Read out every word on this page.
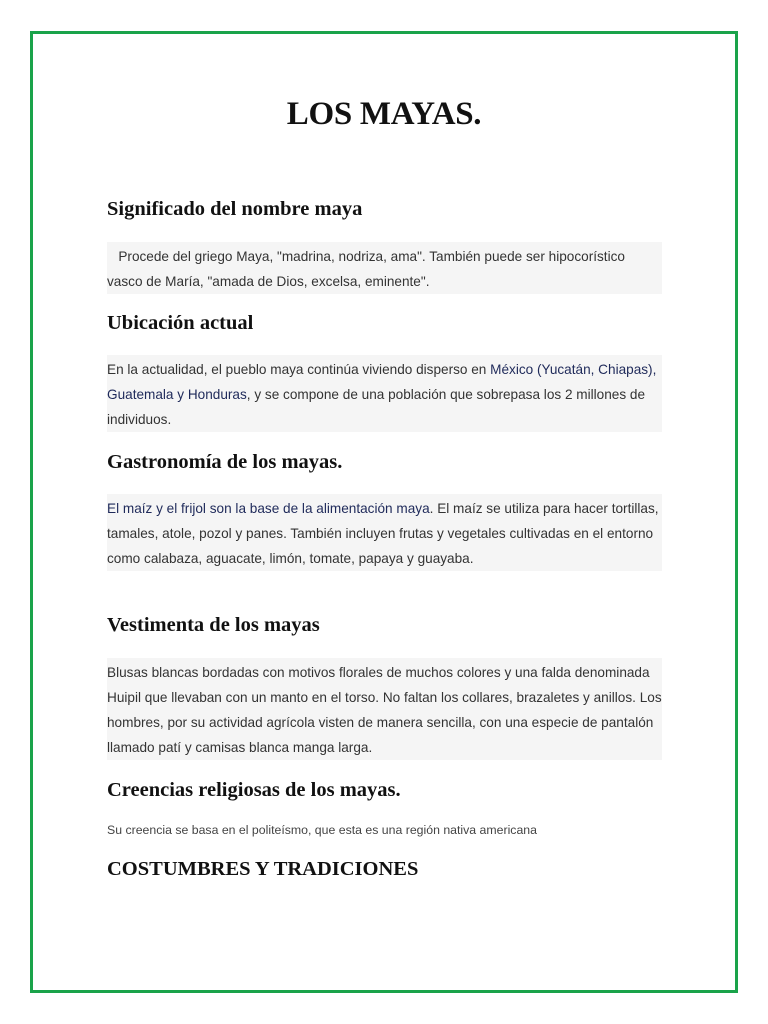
LOS MAYAS.
Significado del nombre maya

Procede del griego Maya, "madrina, nodriza, ama". También puede ser hipocorístico vasco de María, "amada de Dios, excelsa, eminente".

Ubicación actual

En la actualidad, el pueblo maya continúa viviendo disperso en México (Yucatán, Chiapas), Guatemala y Honduras, y se compone de una población que sobrepasa los 2 millones de individuos.

Gastronomía de los mayas.

El maíz y el frijol son la base de la alimentación maya. El maíz se utiliza para hacer tortillas, tamales, atole, pozol y panes. También incluyen frutas y vegetales cultivadas en el entorno como calabaza, aguacate, limón, tomate, papaya y guayaba.

Vestimenta de los mayas

Blusas blancas bordadas con motivos florales de muchos colores y una falda denominada Huipil que llevaban con un manto en el torso. No faltan los collares, brazaletes y anillos. Los hombres, por su actividad agrícola visten de manera sencilla, con una especie de pantalón llamado patí y camisas blanca manga larga.

Creencias religiosas de los mayas.

Su creencia se basa en el politeísmo, que esta es una región nativa americana

COSTUMBRES Y TRADICIONES
